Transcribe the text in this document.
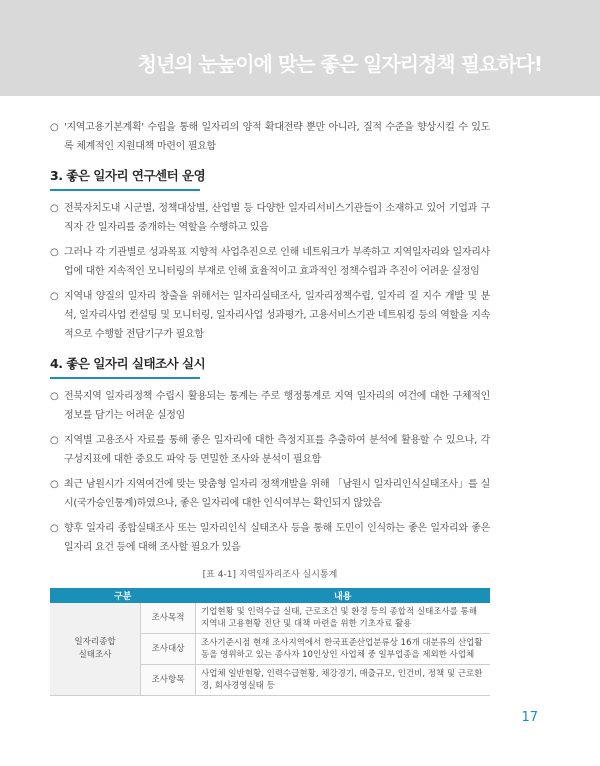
청년의 눈높이에 맞는 좋은 일자리정책 필요하다!
○ '지역고용기본계획' 수립을 통해 일자리의 양적 확대전략 뿐만 아니라, 질적 수준을 향상시킬 수 있도록 체계적인 지원대책 마련이 필요함
3. 좋은 일자리 연구센터 운영
○ 전북자치도내 시군별, 정책대상별, 산업별 등 다양한 일자리서비스기관들이 소재하고 있어 기업과 구직자 간 일자리를 중개하는 역할을 수행하고 있음
○ 그러나 각 기관별로 성과목표 지향적 사업추진으로 인해 네트워크가 부족하고 지역일자리와 일자리사업에 대한 지속적인 모니터링의 부재로 인해 효율적이고 효과적인 정책수립과 추진이 어려운 실정임
○ 지역내 양질의 일자리 창출을 위해서는 일자리실태조사, 일자리정책수립, 일자리 질 지수 개발 및 분석, 일자리사업 컨설팅 및 모니터링, 일자리사업 성과평가, 고용서비스기관 네트워킹 등의 역할을 지속적으로 수행할 전담기구가 필요함
4. 좋은 일자리 실태조사 실시
○ 전북지역 일자리정책 수립시 활용되는 통계는 주로 행정통계로 지역 일자리의 여건에 대한 구체적인 정보를 담기는 어려운 실정임
○ 지역별 고용조사 자료를 통해 좋은 일자리에 대한 측정지표를 추출하여 분석에 활용할 수 있으나, 각 구성지표에 대한 중요도 파악 등 면밀한 조사와 분석이 필요함
○ 최근 남원시가 지역여건에 맞는 맞춤형 일자리 정책개발을 위해 「남원시 일자리인식실태조사」를 실시(국가승인통계)하였으나, 좋은 일자리에 대한 인식여부는 확인되지 않았음
○ 향후 일자리 종합실태조사 또는 일자리인식 실태조사 등을 통해 도민이 인식하는 좋은 일자리와 좋은 일자리 요건 등에 대해 조사할 필요가 있음
[표 4-1] 지역일자리조사 실시통계
구분		내용
일자리종합
실태조사	조사목적	기업현황 및 인력수급 실태, 근로조건 및 환경 등의 종합적 실태조사를 통해 지역내 고용현황 진단 및 대책 마련을 위한 기초자료 활용
	조사대상	조사기준시점 현재 조사지역에서 한국표준산업분류상 16개 대분류의 산업활동을 영위하고 있는 종사자 10인상인 사업체 중 일부업종을 제외한 사업체
	조사항목	사업체 일반현황, 인력수급현황, 채강경기, 매출규모, 인건비, 정책 및 근로환경, 회사경영실태 등
17
